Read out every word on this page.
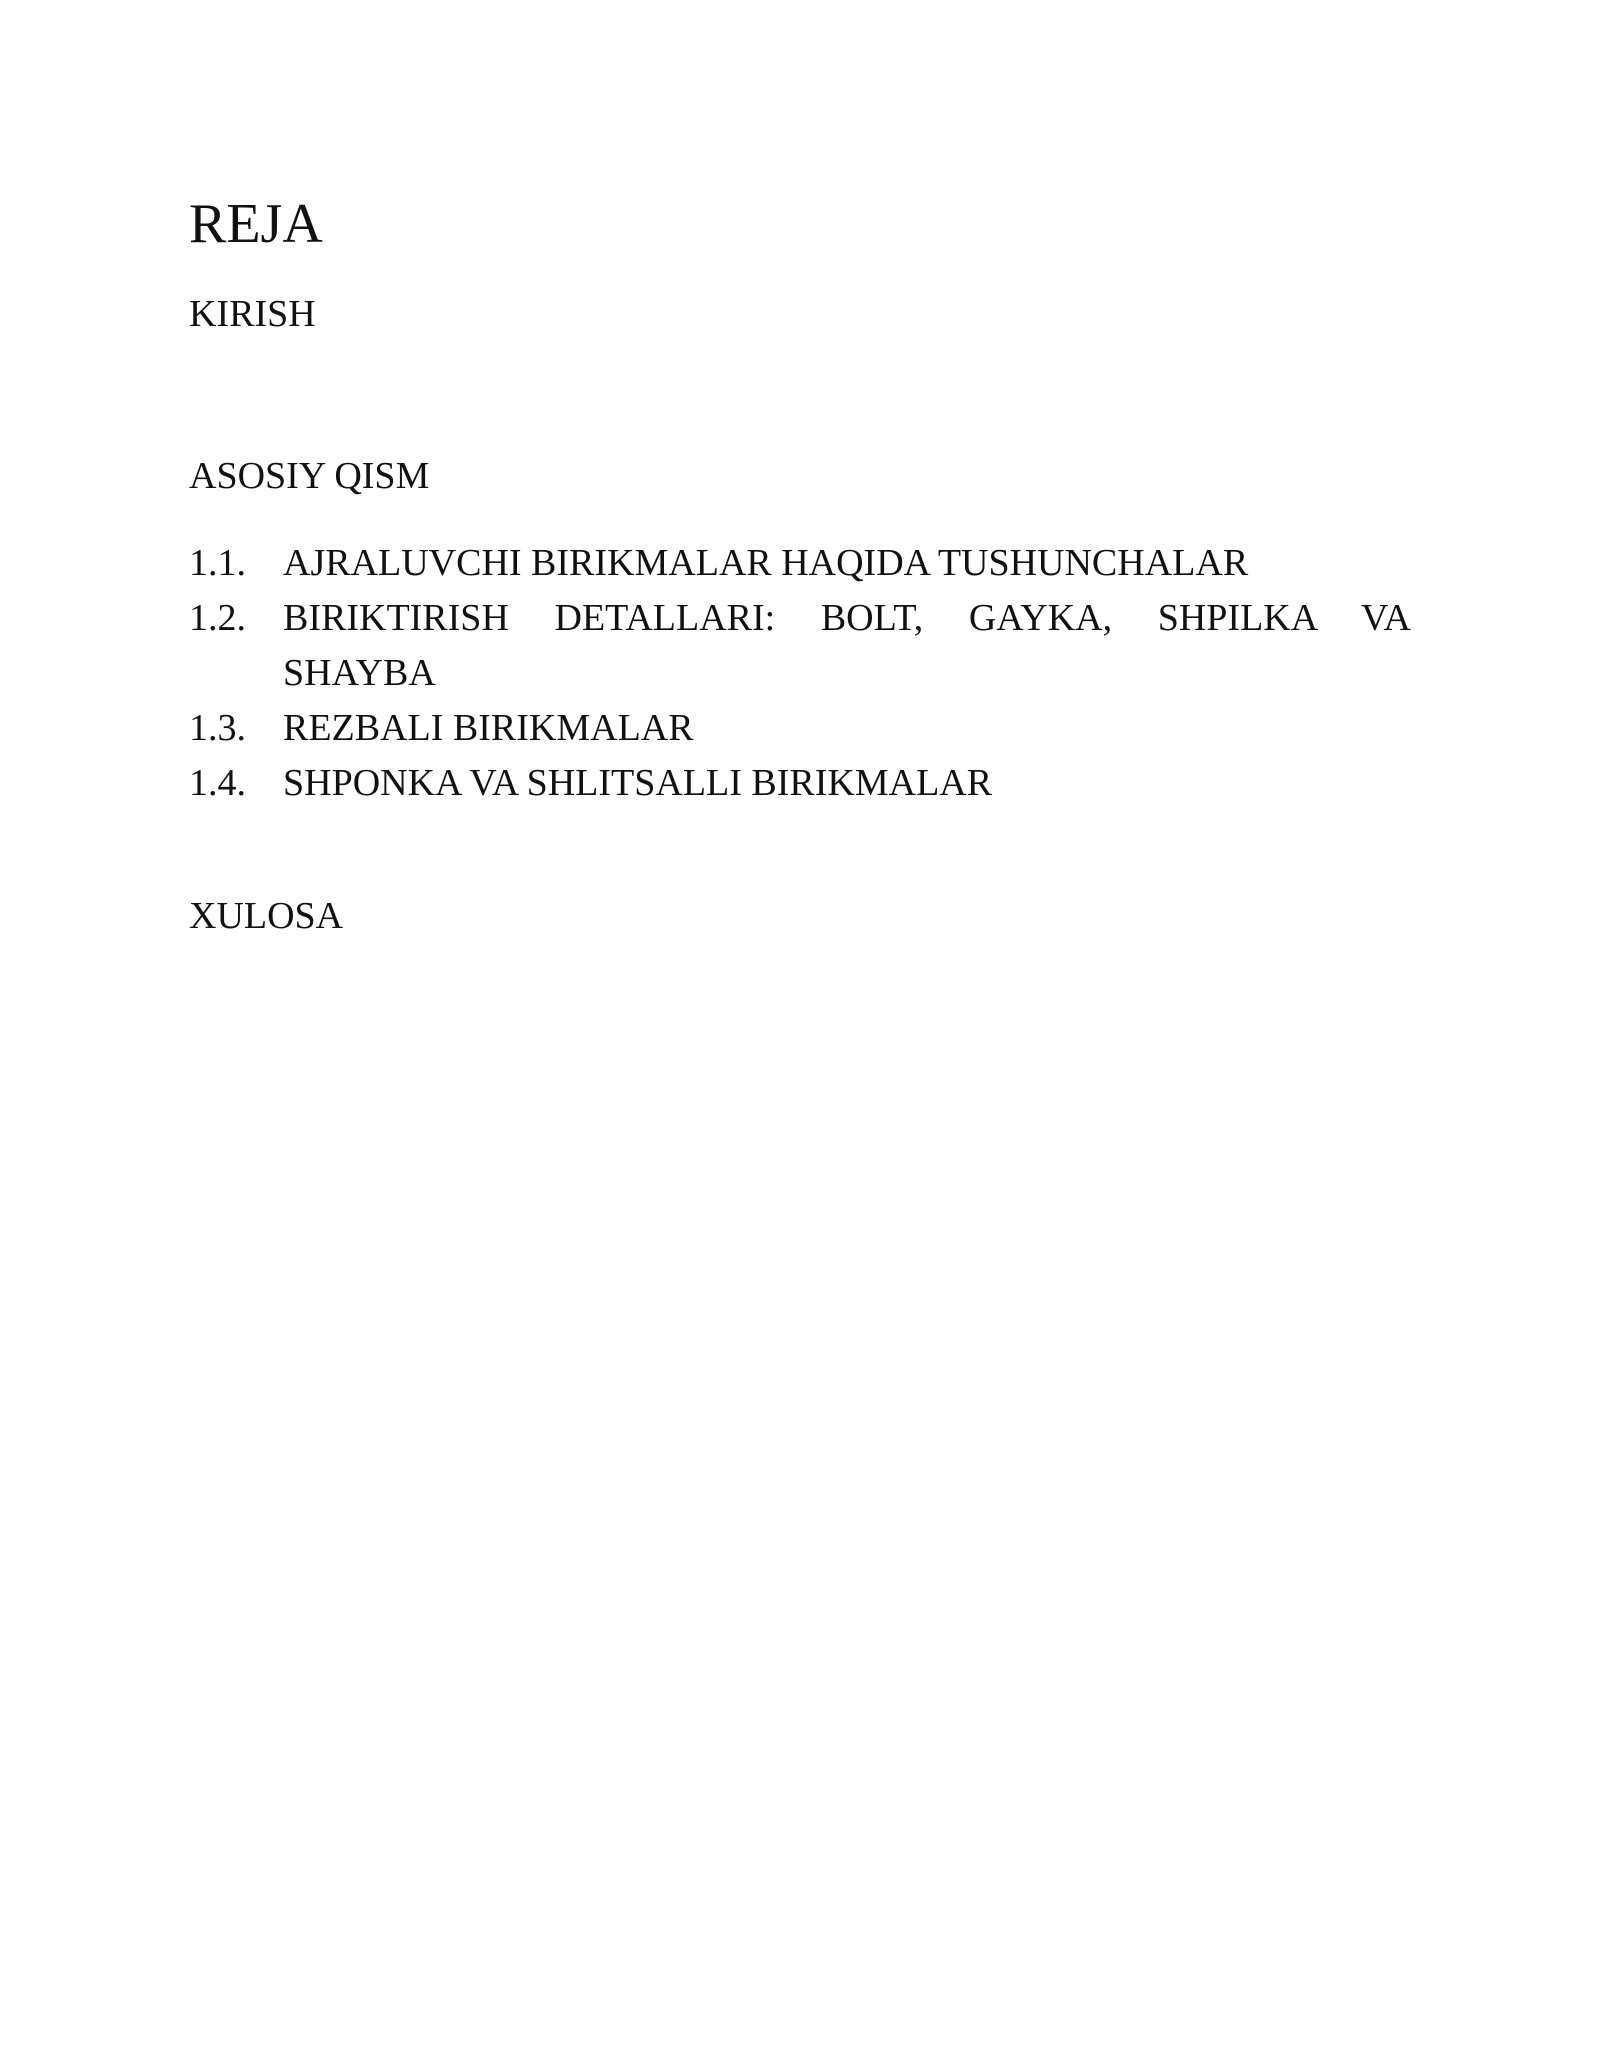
REJA
KIRISH
ASOSIY QISM
1.1. AJRALUVCHI BIRIKMALAR HAQIDA TUSHUNCHALAR
1.2. BIRIKTIRISH DETALLARI: BOLT, GAYKA, SHPILKA VA SHAYBA
1.3. REZBALI BIRIKMALAR
1.4. SHPONKA VA SHLITSALLI BIRIKMALAR
XULOSA
